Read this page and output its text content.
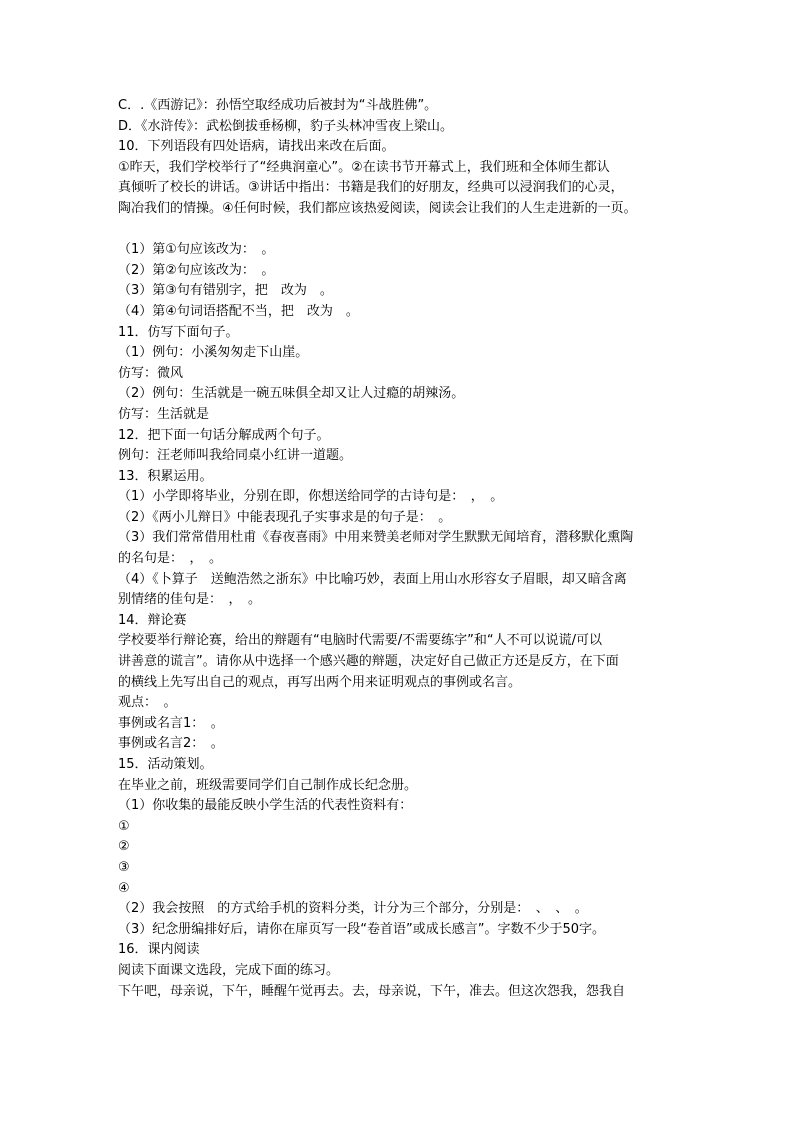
C．.《西游记》：孙悟空取经成功后被封为“斗战胜佛”。
D．《水浒传》：武松倒拔垂杨柳，豹子头林冲雪夜上梁山。
10．下列语段有四处语病，请找出来改在后面。
①昨天，我们学校举行了“经典润童心”。②在读书节开幕式上，我们班和全体师生都认
真倾听了校长的讲话。③讲话中指出：书籍是我们的好朋友，经典可以浸润我们的心灵，
陶冶我们的情操。④任何时候，我们都应该热爱阅读，阅读会让我们的人生走进新的一页。
（1）第①句应该改为：　。
（2）第②句应该改为：　。
（3）第③句有错别字，把　改为　。
（4）第④句词语搭配不当，把　改为　。
11．仿写下面句子。
（1）例句：小溪匆匆走下山崖。
仿写：微风
（2）例句：生活就是一碗五味俱全却又让人过瘾的胡辣汤。
仿写：生活就是
12．把下面一句话分解成两个句子。
例句：汪老师叫我给同桌小红讲一道题。
13．积累运用。
（1）小学即将毕业，分别在即，你想送给同学的古诗句是：　，　。
（2）《两小儿辩日》中能表现孔子实事求是的句子是：　。
（3）我们常常借用杜甫《春夜喜雨》中用来赞美老师对学生默默无闻培育，潜移默化熏陶
的名句是：　，　。
（4）《卜算子　送鲍浩然之浙东》中比喻巧妙，表面上用山水形容女子眉眼，却又暗含离
别情绪的佳句是：　，　。
14．辩论赛
学校要举行辩论赛，给出的辩题有“电脑时代需要/不需要练字”和“人不可以说谎/可以
讲善意的谎言”。请你从中选择一个感兴趣的辩题，决定好自己做正方还是反方，在下面
的横线上先写出自己的观点，再写出两个用来证明观点的事例或名言。
观点：　。
事例或名言1：　。
事例或名言2：　。
15．活动策划。
在毕业之前，班级需要同学们自己制作成长纪念册。
（1）你收集的最能反映小学生活的代表性资料有：
①
②
③
④
（2）我会按照　的方式给手机的资料分类，计分为三个部分，分别是：　、　、　。
（3）纪念册编排好后，请你在扉页写一段“卷首语”或成长感言”。字数不少于50字。
16．课内阅读
阅读下面课文选段，完成下面的练习。
下午吧，母亲说，下午，睡醒午觉再去。去，母亲说，下午，准去。但这次怨我，怨我自
